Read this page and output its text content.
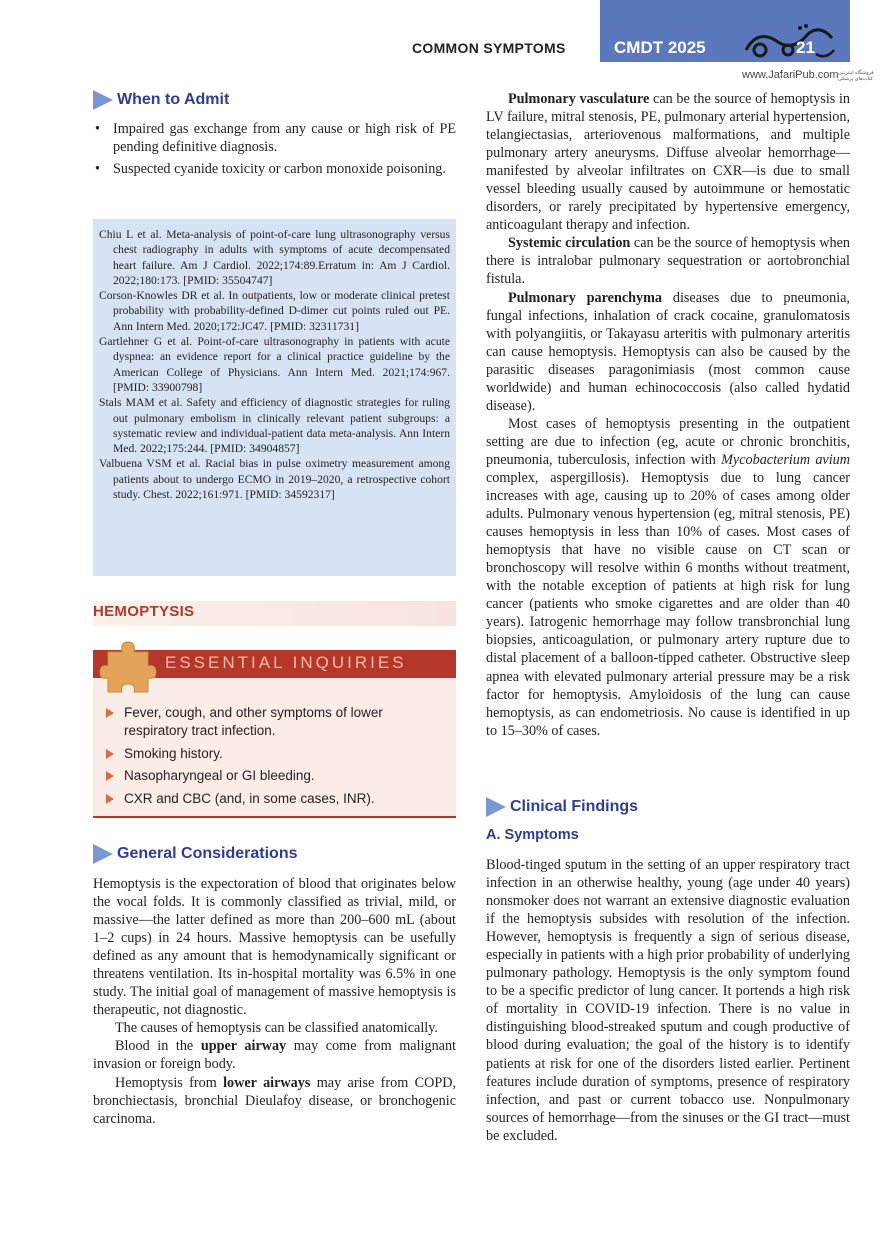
COMMON SYMPTOMS	CMDT 2025	21
www.JafariPub.com فروشگاه اینترنتی کتاب‌های پزشکی
When to Admit
• Impaired gas exchange from any cause or high risk of PE pending definitive diagnosis.
• Suspected cyanide toxicity or carbon monoxide poisoning.
Chiu L et al. Meta-analysis of point-of-care lung ultrasonography versus chest radiography in adults with symptoms of acute decompensated heart failure. Am J Cardiol. 2022;174:89.Erratum in: Am J Cardiol. 2022;180:173. [PMID: 35504747]
Corson-Knowles DR et al. In outpatients, low or moderate clinical pretest probability with probability-defined D-dimer cut points ruled out PE. Ann Intern Med. 2020;172:JC47. [PMID: 32311731]
Gartlehner G et al. Point-of-care ultrasonography in patients with acute dyspnea: an evidence report for a clinical practice guideline by the American College of Physicians. Ann Intern Med. 2021;174:967. [PMID: 33900798]
Stals MAM et al. Safety and efficiency of diagnostic strategies for ruling out pulmonary embolism in clinically relevant patient subgroups: a systematic review and individual-patient data meta-analysis. Ann Intern Med. 2022;175:244. [PMID: 34904857]
Valbuena VSM et al. Racial bias in pulse oximetry measurement among patients about to undergo ECMO in 2019–2020, a retrospective cohort study. Chest. 2022;161:971. [PMID: 34592317]
HEMOPTYSIS
ESSENTIAL INQUIRIES
Fever, cough, and other symptoms of lower respiratory tract infection.
Smoking history.
Nasopharyngeal or GI bleeding.
CXR and CBC (and, in some cases, INR).
General Considerations

Hemoptysis is the expectoration of blood that originates below the vocal folds. It is commonly classified as trivial, mild, or massive—the latter defined as more than 200–600 mL (about 1–2 cups) in 24 hours. Massive hemoptysis can be usefully defined as any amount that is hemodynamically significant or threatens ventilation. Its in-hospital mortality was 6.5% in one study. The initial goal of management of massive hemoptysis is therapeutic, not diagnostic.

The causes of hemoptysis can be classified anatomically.

Blood in the upper airway may come from malignant invasion or foreign body.

Hemoptysis from lower airways may arise from COPD, bronchiectasis, bronchial Dieulafoy disease, or bronchogenic carcinoma.

Pulmonary vasculature can be the source of hemoptysis in LV failure, mitral stenosis, PE, pulmonary arterial hypertension, telangiectasias, arteriovenous malformations, and multiple pulmonary artery aneurysms. Diffuse alveolar hemorrhage—manifested by alveolar infiltrates on CXR—is due to small vessel bleeding usually caused by autoimmune or hemostatic disorders, or rarely precipitated by hypertensive emergency, anticoagulant therapy and infection.

Systemic circulation can be the source of hemoptysis when there is intralobar pulmonary sequestration or aortobronchial fistula.

Pulmonary parenchyma diseases due to pneumonia, fungal infections, inhalation of crack cocaine, granulomatosis with polyangiitis, or Takayasu arteritis with pulmonary arteritis can cause hemoptysis. Hemoptysis can also be caused by the parasitic diseases paragonimiasis (most common cause worldwide) and human echinococcosis (also called hydatid disease).

Most cases of hemoptysis presenting in the outpatient setting are due to infection (eg, acute or chronic bronchitis, pneumonia, tuberculosis, infection with Mycobacterium avium complex, aspergillosis). Hemoptysis due to lung cancer increases with age, causing up to 20% of cases among older adults. Pulmonary venous hypertension (eg, mitral stenosis, PE) causes hemoptysis in less than 10% of cases. Most cases of hemoptysis that have no visible cause on CT scan or bronchoscopy will resolve within 6 months without treatment, with the notable exception of patients at high risk for lung cancer (patients who smoke cigarettes and are older than 40 years). Iatrogenic hemorrhage may follow transbronchial lung biopsies, anticoagulation, or pulmonary artery rupture due to distal placement of a balloon-tipped catheter. Obstructive sleep apnea with elevated pulmonary arterial pressure may be a risk factor for hemoptysis. Amyloidosis of the lung can cause hemoptysis, as can endometriosis. No cause is identified in up to 15–30% of cases.

Clinical Findings
A. Symptoms

Blood-tinged sputum in the setting of an upper respiratory tract infection in an otherwise healthy, young (age under 40 years) nonsmoker does not warrant an extensive diagnostic evaluation if the hemoptysis subsides with resolution of the infection. However, hemoptysis is frequently a sign of serious disease, especially in patients with a high prior probability of underlying pulmonary pathology. Hemoptysis is the only symptom found to be a specific predictor of lung cancer. It portends a high risk of mortality in COVID-19 infection. There is no value in distinguishing blood-streaked sputum and cough productive of blood during evaluation; the goal of the history is to identify patients at risk for one of the disorders listed earlier. Pertinent features include duration of symptoms, presence of respiratory infection, and past or current tobacco use. Nonpulmonary sources of hemorrhage—from the sinuses or the GI tract—must be excluded.
